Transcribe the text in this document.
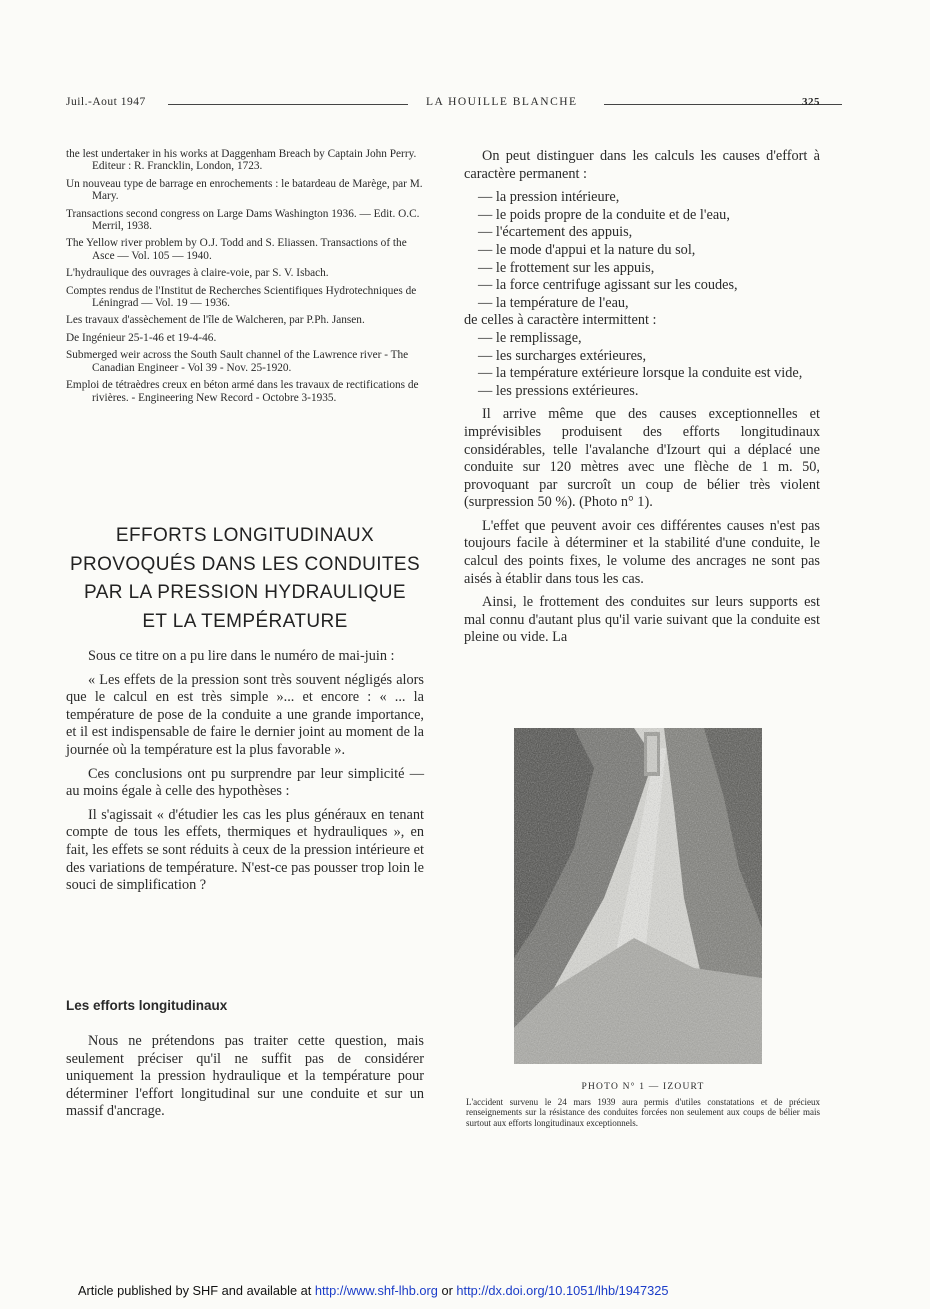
Juil.-Aout 1947	LA HOUILLE BLANCHE	325

the lest undertaker in his works at Daggenham Breach by Captain John Perry. Editeur : R. Francklin, London, 1723.

Un nouveau type de barrage en enrochements : le batardeau de Marège, par M. Mary.

Transactions second congress on Large Dams Washington 1936. — Edit. O.C. Merril, 1938.

The Yellow river problem by O.J. Todd and S. Eliassen. Transactions of the Asce — Vol. 105 — 1940.

L'hydraulique des ouvrages à claire-voie, par S. V. Isbach.

Comptes rendus de l'Institut de Recherches Scientifiques Hydrotechniques de Léningrad — Vol. 19 — 1936.

Les travaux d'assèchement de l'île de Walcheren, par P.Ph. Jansen.

De Ingénieur 25-1-46 et 19-4-46.

Submerged weir across the South Sault channel of the Lawrence river - The Canadian Engineer - Vol 39 - Nov. 25-1920.

Emploi de tétraèdres creux en béton armé dans les travaux de rectifications de rivières. - Engineering New Record - Octobre 3-1935.

EFFORTS LONGITUDINAUX
PROVOQUÉS DANS LES CONDUITES
PAR LA PRESSION HYDRAULIQUE
ET LA TEMPÉRATURE

Sous ce titre on a pu lire dans le numéro de mai-juin :

« Les effets de la pression sont très souvent négligés alors que le calcul en est très simple »... et encore : « ... la température de pose de la conduite a une grande importance, et il est indispensable de faire le dernier joint au moment de la journée où la température est la plus favorable ».

Ces conclusions ont pu surprendre par leur simplicité — au moins égale à celle des hypothèses :

Il s'agissait « d'étudier les cas les plus généraux en tenant compte de tous les effets, thermiques et hydrauliques », en fait, les effets se sont réduits à ceux de la pression intérieure et des variations de température. N'est-ce pas pousser trop loin le souci de simplification ?

Les efforts longitudinaux

Nous ne prétendons pas traiter cette question, mais seulement préciser qu'il ne suffit pas de considérer uniquement la pression hydraulique et la température pour déterminer l'effort longitudinal sur une conduite et sur un massif d'ancrage.

On peut distinguer dans les calculs les causes d'effort à caractère permanent :

— la pression intérieure,
— le poids propre de la conduite et de l'eau,
— l'écartement des appuis,
— le mode d'appui et la nature du sol,
— le frottement sur les appuis,
— la force centrifuge agissant sur les coudes,
— la température de l'eau,

de celles à caractère intermittent :

— le remplissage,
— les surcharges extérieures,
— la température extérieure lorsque la conduite est vide,
— les pressions extérieures.

Il arrive même que des causes exceptionnelles et imprévisibles produisent des efforts longitudinaux considérables, telle l'avalanche d'Izourt qui a déplacé une conduite sur 120 mètres avec une flèche de 1 m. 50, provoquant par surcroît un coup de bélier très violent (surpression 50 %). (Photo n° 1).

L'effet que peuvent avoir ces différentes causes n'est pas toujours facile à déterminer et la stabilité d'une conduite, le calcul des points fixes, le volume des ancrages ne sont pas aisés à établir dans tous les cas.

Ainsi, le frottement des conduites sur leurs supports est mal connu d'autant plus qu'il varie suivant que la conduite est pleine ou vide. La

PHOTO N° 1 — IZOURT
L'accident survenu le 24 mars 1939 aura permis d'utiles constatations et de précieux renseignements sur la résistance des conduites forcées non seulement aux coups de bélier mais surtout aux efforts longitudinaux exceptionnels.
Article published by SHF and available at http://www.shf-lhb.org or http://dx.doi.org/10.1051/lhb/1947325
